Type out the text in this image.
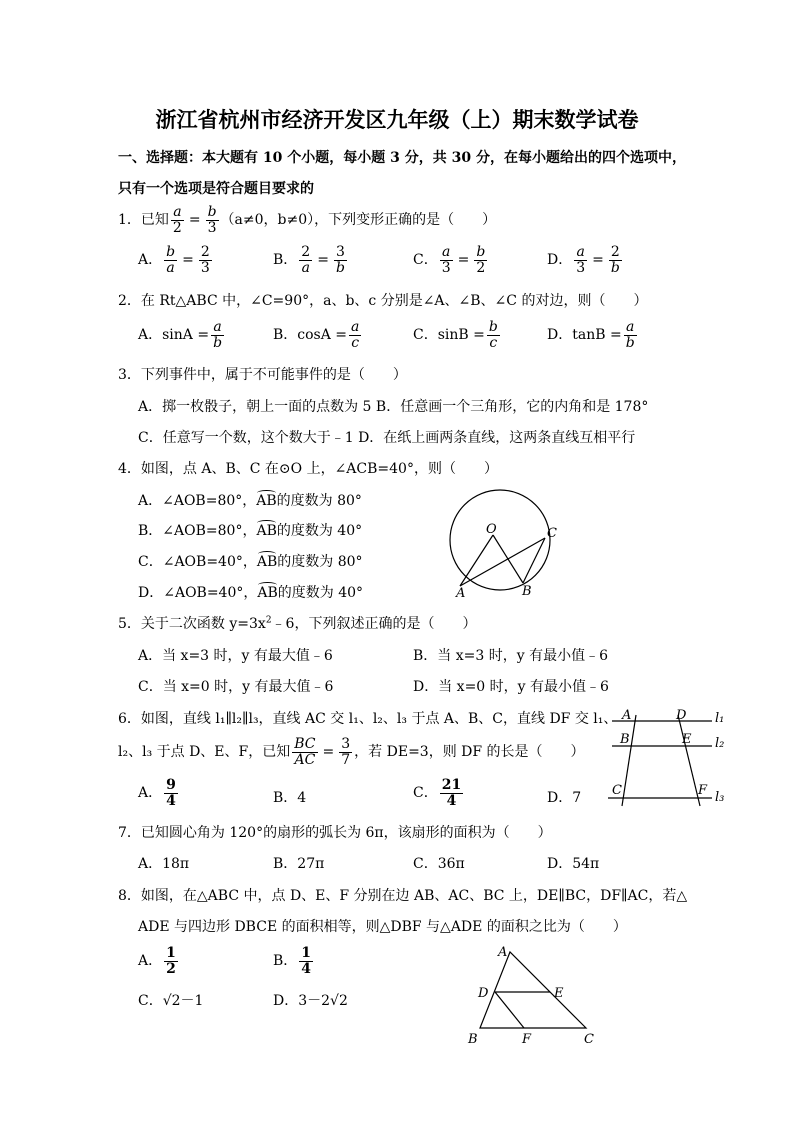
浙江省杭州市经济开发区九年级（上）期末数学试卷
一、选择题：本大题有 10 个小题，每小题 3 分，共 30 分，在每小题给出的四个选项中，
只有一个选项是符合题目要求的
1．已知 $\frac{a}{2} = \frac{b}{3} (a\ne 0$，b≠0），下列变形正确的是（　　）
A． $\frac{b}{a} = \frac{2}{3}$	B． $\frac{2}{a} = \frac{3}{b}$	C． $\frac{a}{3} = \frac{b}{2}$	D． $\frac{a}{3} = \frac{2}{b}$
2．在 Rt△ABC 中，∠C=90°，a、b、c 分别是∠A、∠B、∠C 的对边，则（　　）
A．$\sin A = \frac{a}{b}$	B．$\cos A = \frac{a}{c}$	C．$\sin B = \frac{b}{c}$	D．$\tan B = \frac{a}{b}$
3．下列事件中，属于不可能事件的是（　　）
A．掷一枚骰子，朝上一面的点数为 5 B．任意画一个三角形，它的内角和是 178°
C．任意写一个数，这个数大于﹣1 D．在纸上画两条直线，这两条直线互相平行
4．如图，点 A、B、C 在⊙O 上，∠ACB=40°，则（　　）
A．∠AOB=80°，AB的度数为 80°
B．∠AOB=80°，AB的度数为 40°
C．∠AOB=40°，AB的度数为 80°
D．∠AOB=40°，AB的度数为 40°
O	C
A	B
5．关于二次函数 $y=3x^2﹣6$，下列叙述正确的是（　　）
A．当 x=3 时，y 有最大值﹣6	B．当 x=3 时，y 有最小值﹣6
C．当 x=0 时，y 有最大值﹣6	D．当 x=0 时，y 有最小值﹣6
6．如图，直线 l₁∥l₂∥l₃，直线 AC 交 l₁、l₂、l₃ 于点 A、B、C，直线 DF 交 l₁、
l₂、l₃ 于点 D、E、F，已知 $\frac{BC}{AC} = \frac{3}{7}$ ，若 DE=3，则 DF 的长是（　　）
A． $\frac{9}{4}$	B．4	C． $\frac{21}{4}$	D．7
A	D l₁
B	E l₂
C	F l₃
7．已知圆心角为 120°的扇形的弧长为 6π，该扇形的面积为（　　）
A．18π	B．27π	C．36π	D．54π
8．如图，在△ABC 中，点 D、E、F 分别在边 AB、AC、BC 上，DE∥BC，DF∥AC，若△
ADE 与四边形 DBCE 的面积相等，则△DBF 与△ADE 的面积之比为（　　）
A． $\frac{1}{2}$	B． $\frac{1}{4}$
C．√2－1	D．3－2√2
A
D	E
B	F	C
